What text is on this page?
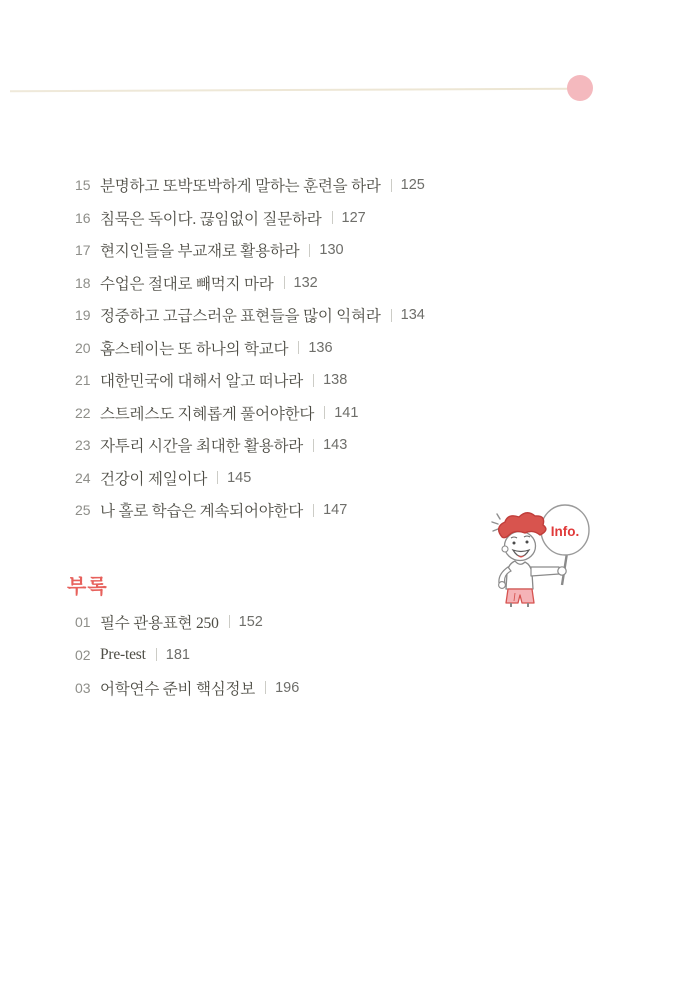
15 분명하고 또박또박하게 말하는 훈련을 하라 125
16 침묵은 독이다. 끊임없이 질문하라 127
17 현지인들을 부교재로 활용하라 130
18 수업은 절대로 빼먹지 마라 132
19 정중하고 고급스러운 표현들을 많이 익혀라 134
20 홈스테이는 또 하나의 학교다 136
21 대한민국에 대해서 알고 떠나라 138
22 스트레스도 지혜롭게 풀어야한다 141
23 자투리 시간을 최대한 활용하라 143
24 건강이 제일이다 145
25 나 홀로 학습은 계속되어야한다 147
부록
01 필수 관용표현 250 152
02 Pre-test 181
03 어학연수 준비 핵심정보 196
Info.
